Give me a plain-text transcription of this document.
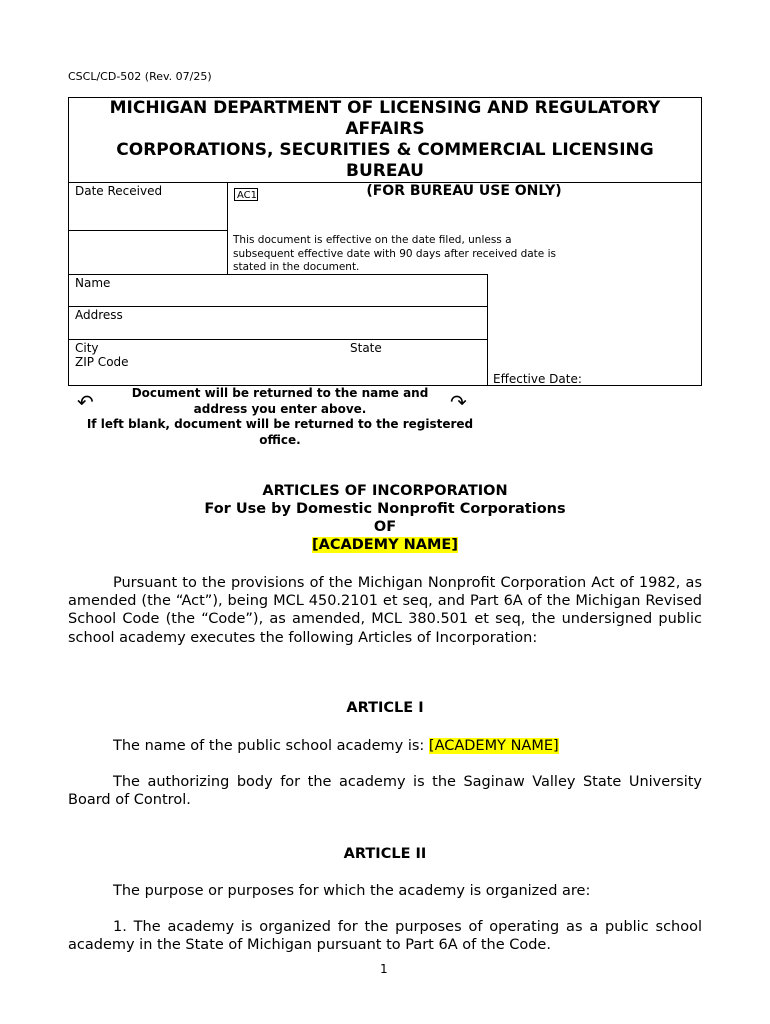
CSCL/CD-502 (Rev. 07/25)
MICHIGAN DEPARTMENT OF LICENSING AND REGULATORY
AFFAIRS
CORPORATIONS, SECURITIES & COMMERCIAL LICENSING
BUREAU
Date Received	AC1	(FOR BUREAU USE ONLY)
This document is effective on the date filed, unless a subsequent effective date with 90 days after received date is stated in the document.
Name
Address
City	State
ZIP Code
Effective Date:
↶	↷
Document will be returned to the name and address you enter above.
If left blank, document will be returned to the registered office.
ARTICLES OF INCORPORATION
For Use by Domestic Nonprofit Corporations
OF
[ACADEMY NAME]
Pursuant to the provisions of the Michigan Nonprofit Corporation Act of 1982, as amended (the “Act”), being MCL 450.2101 et seq, and Part 6A of the Michigan Revised School Code (the “Code”), as amended, MCL 380.501 et seq, the undersigned public school academy executes the following Articles of Incorporation:
ARTICLE I
The name of the public school academy is: [ACADEMY NAME]
The authorizing body for the academy is the Saginaw Valley State University Board of Control.
ARTICLE II
The purpose or purposes for which the academy is organized are:
1. The academy is organized for the purposes of operating as a public school academy in the State of Michigan pursuant to Part 6A of the Code.
1
